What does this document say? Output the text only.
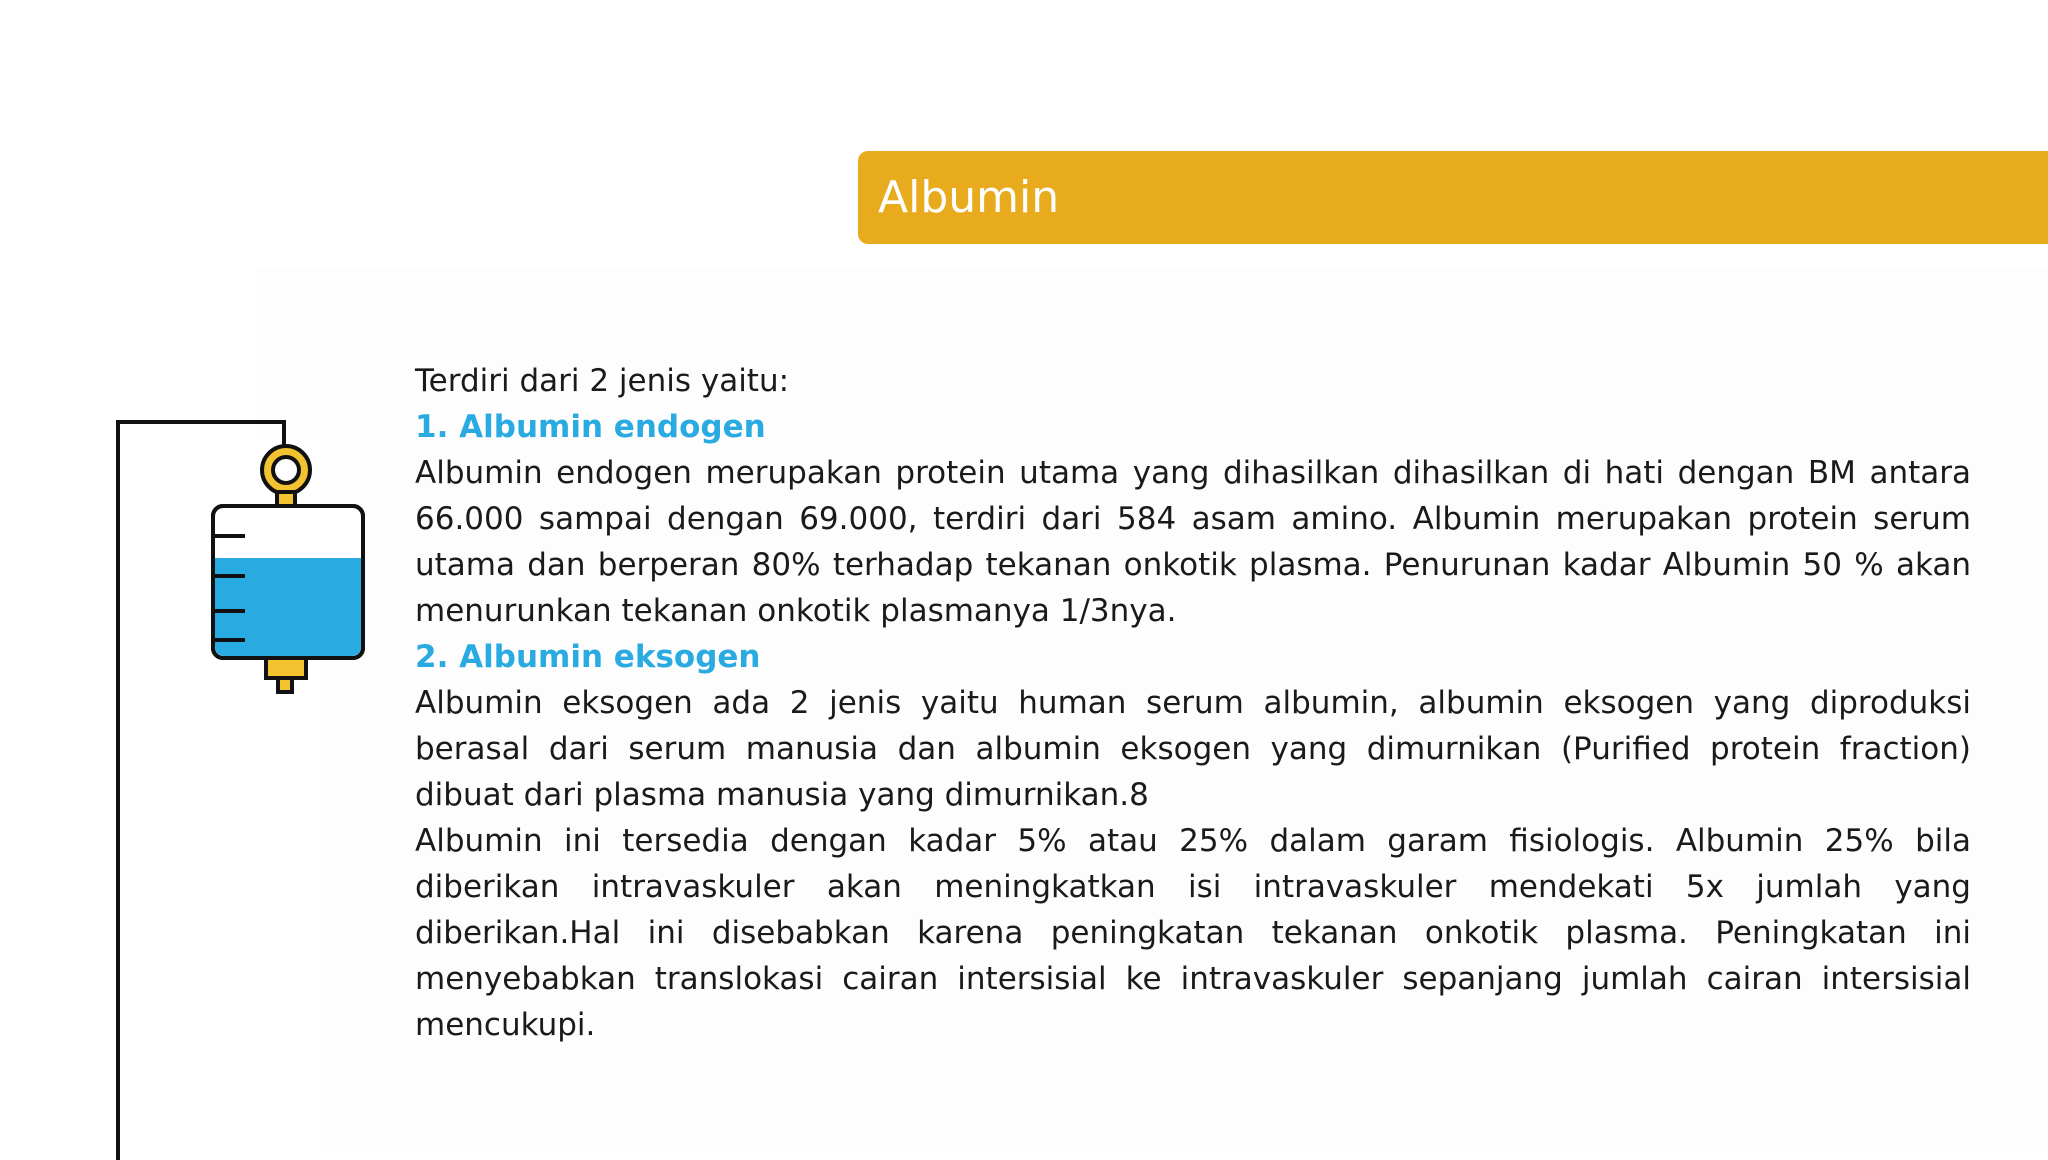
Albumin

Terdiri dari 2 jenis yaitu:

1. Albumin endogen

Albumin endogen merupakan protein utama yang dihasilkan dihasilkan di hati dengan BM antara 66.000 sampai dengan 69.000, terdiri dari 584 asam amino. Albumin merupakan protein serum utama dan berperan 80% terhadap tekanan onkotik plasma. Penurunan kadar Albumin 50 % akan menurunkan tekanan onkotik plasmanya 1/3nya.

2. Albumin eksogen

Albumin eksogen ada 2 jenis yaitu human serum albumin, albumin eksogen yang diproduksi berasal dari serum manusia dan albumin eksogen yang dimurnikan (Purified protein fraction) dibuat dari plasma manusia yang dimurnikan.8

Albumin ini tersedia dengan kadar 5% atau 25% dalam garam fisiologis. Albumin 25% bila diberikan intravaskuler akan meningkatkan isi intravaskuler mendekati 5x jumlah yang diberikan.Hal ini disebabkan karena peningkatan tekanan onkotik plasma. Peningkatan ini menyebabkan translokasi cairan intersisial ke intravaskuler sepanjang jumlah cairan intersisial mencukupi.
